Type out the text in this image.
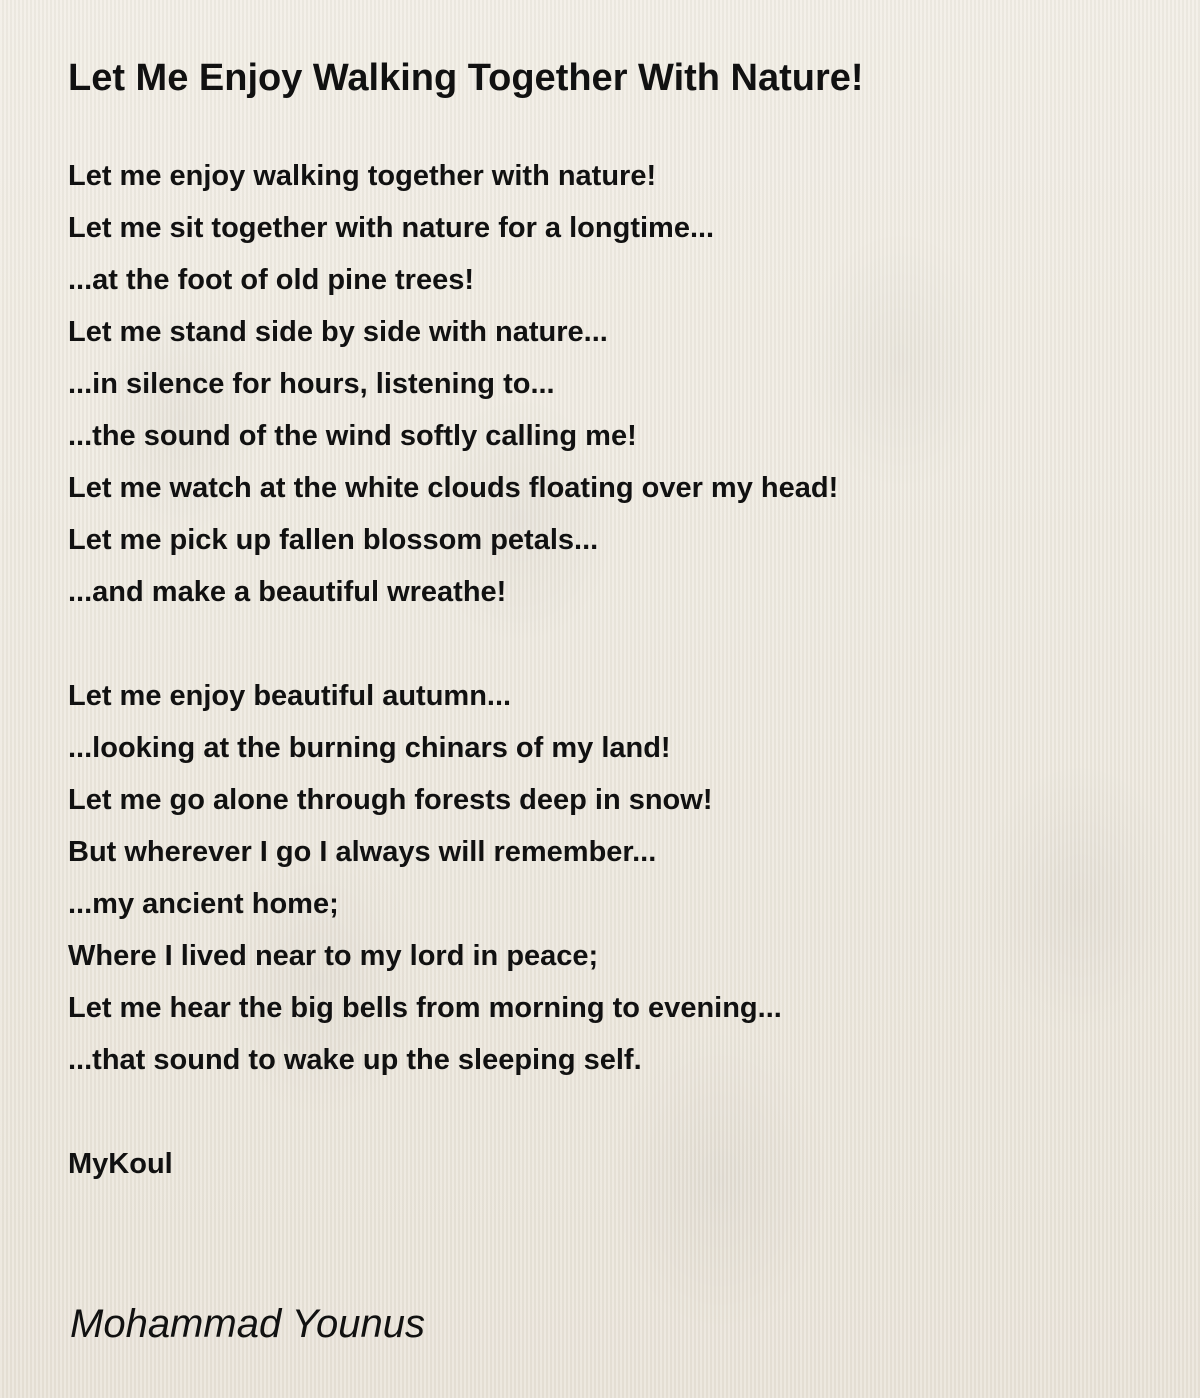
Let Me Enjoy Walking Together With Nature!
Let me enjoy walking together with nature!
Let me sit together with nature for a longtime...
...at the foot of old pine trees!
Let me stand side by side with nature...
...in silence for hours, listening to...
...the sound of the wind softly calling me!
Let me watch at the white clouds floating over my head!
Let me pick up fallen blossom petals...
...and make a beautiful wreathe!
Let me enjoy beautiful autumn...
...looking at the burning chinars of my land!
Let me go alone through forests deep in snow!
But wherever I go I always will remember...
...my ancient home;
Where I lived near to my lord in peace;
Let me hear the big bells from morning to evening...
...that sound to wake up the sleeping self.
MyKoul
Mohammad Younus
